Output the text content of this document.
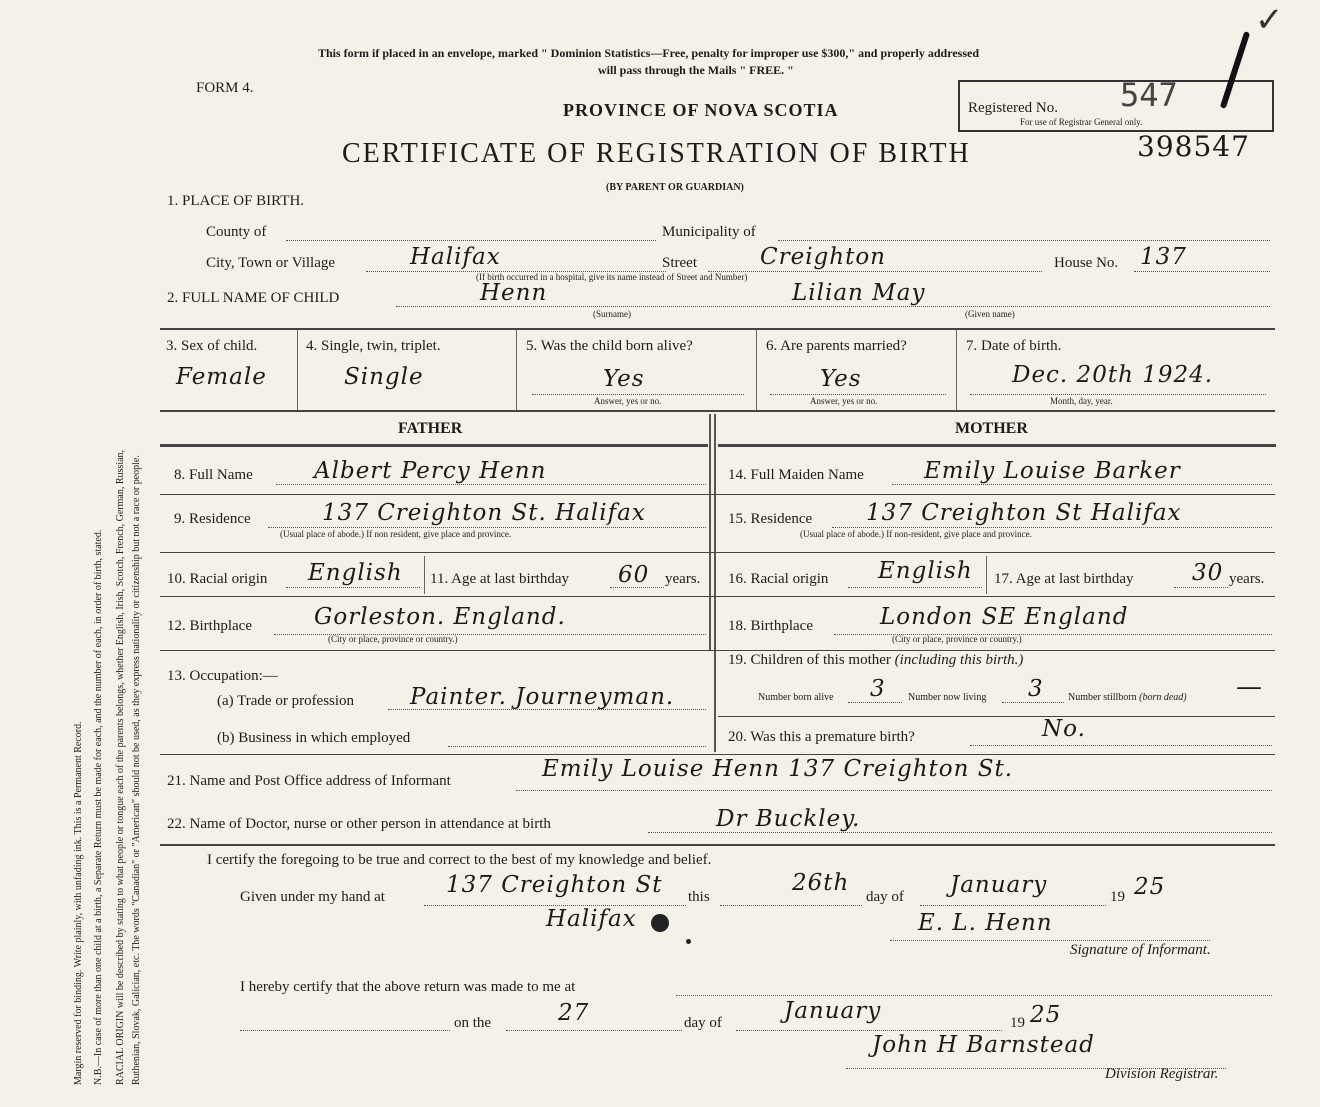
Margin reserved for binding. Write plainly, with unfading ink. This is a Permanent Record. N.B.—In case of more than one child at a birth, a Separate Return must be made for each, and the number of each, in order of birth, stated. RACIAL ORIGIN will be described by stating to what people or tongue each of the parents belongs, whether English, Irish, Scotch, French, German, Russian, Ruthenian, Slovak, Galician, etc. The words "Canadian" or "American" should not be used, as they express nationality or citizenship but not a race or people.
This form if placed in an envelope, marked " Dominion Statistics—Free, penalty for improper use $300," and properly addressed
will pass through the Mails " FREE. "
FORM 4.
PROVINCE OF NOVA SCOTIA
CERTIFICATE OF REGISTRATION OF BIRTH
(BY PARENT OR GUARDIAN)
Registered No. 547
For use of Registrar General only.
398547
✓
1. PLACE OF BIRTH.
County of	Municipality of
City, Town or Village	Halifax	Street	Creighton
(If birth occurred in a hospital, give its name instead of Street and Number)
House No. 137
2. FULL NAME OF CHILD	Henn	Lilian May
(Surname)	(Given name)
3. Sex of child.
Female
4. Single, twin, triplet.
Single
5. Was the child born alive?
Yes
Answer, yes or no.
6. Are parents married?
Yes
Answer, yes or no.
7. Date of birth.
Dec. 20th 1924.
Month, day, year.
FATHER	MOTHER
8. Full Name	Albert Percy Henn	14. Full Maiden Name	Emily Louise Barker
9. Residence	137 Creighton St. Halifax
(Usual place of abode.) If non resident, give place and province.
15. Residence 137 Creighton St Halifax
(Usual place of abode.) If non-resident, give place and province.
10. Racial origin English 11. Age at last birthday 60 years. 16. Racial origin English 17. Age at last birthday	30 years.
12. Birthplace	Gorleston. England.
(City or place, province or country.)
18. Birthplace	London SE England
(City or place, province or country.)
13. Occupation:—
(a) Trade or profession Painter. Journeyman.
19. Children of this mother (including this birth.)
Number born alive 3 Number now living 3 Number stillborn (born dead) —
(b) Business in which employed	20. Was this a premature birth?	No.
21. Name and Post Office address of Informant	Emily Louise Henn 137 Creighton St.
22. Name of Doctor, nurse or other person in attendance at birth	Dr Buckley.
I certify the foregoing to be true and correct to the best of my knowledge and belief.
Given under my hand at	137 Creighton St
Halifax
this
26th
day of January	19 25
E. L. Henn
Signature of Informant.
I hereby certify that the above return was made to me at
on the	27	day of	January	19 25
John H Barnstead
Division Registrar.
